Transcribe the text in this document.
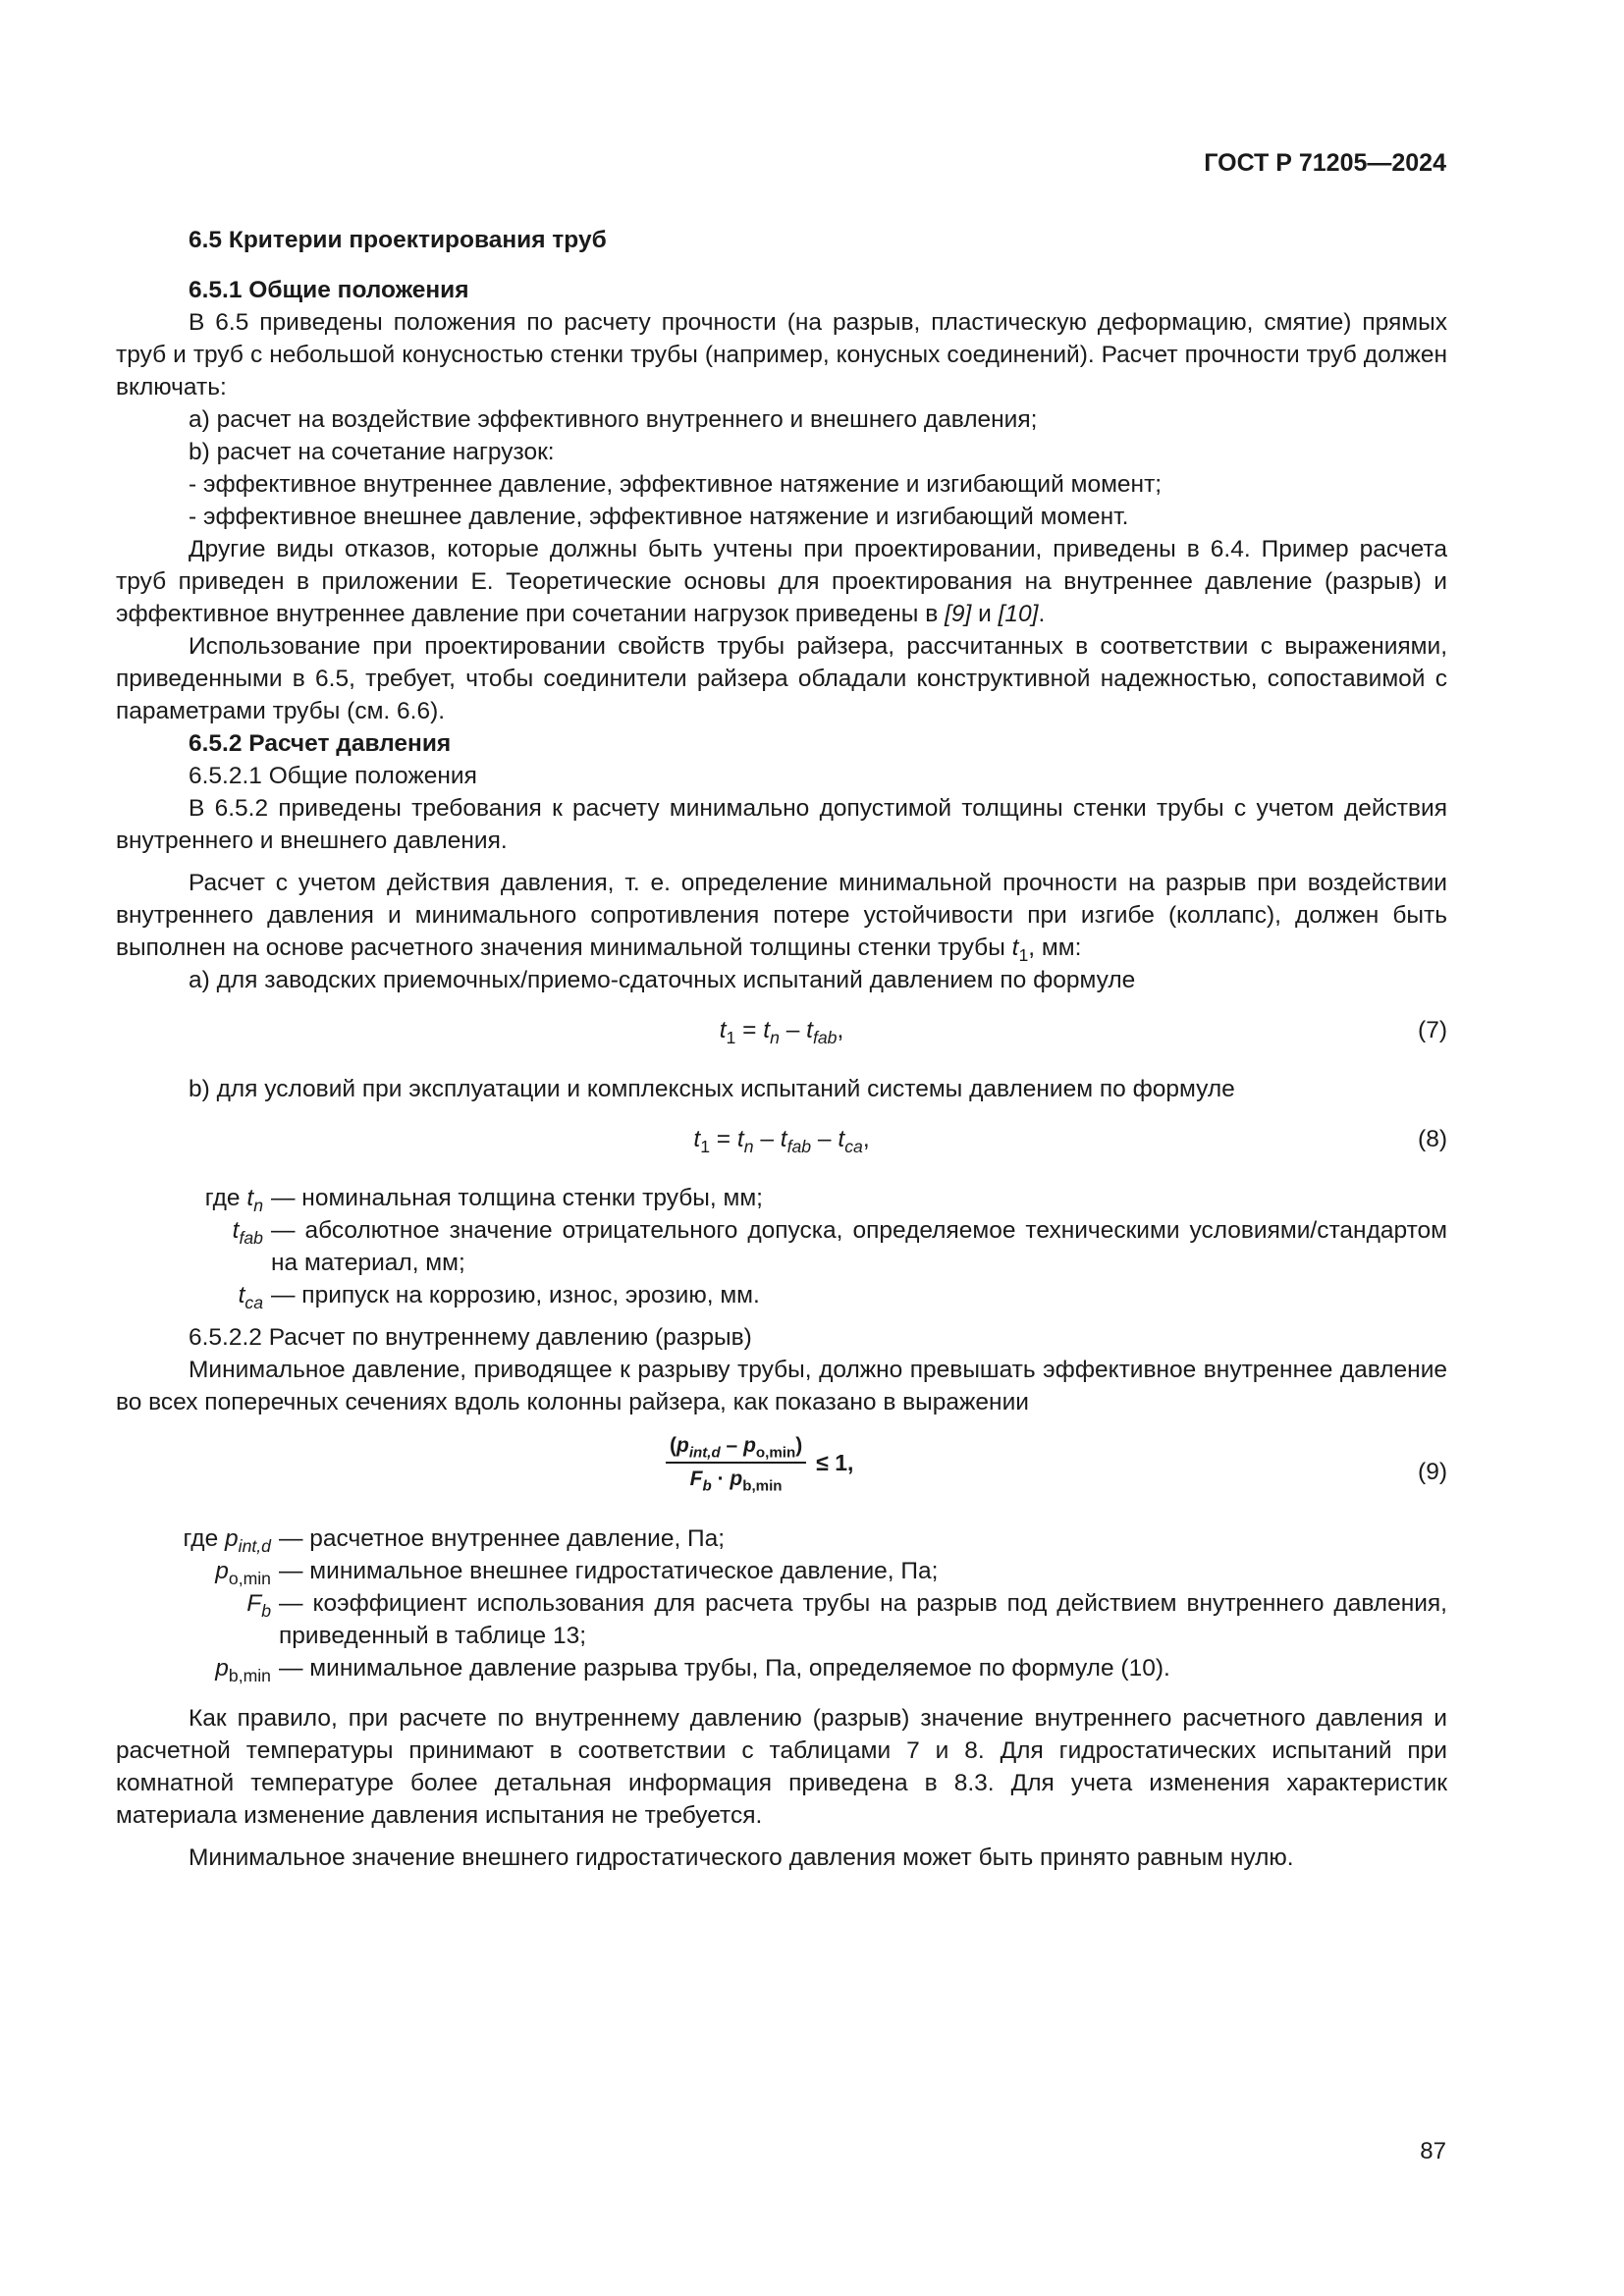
ГОСТ Р 71205—2024

6.5 Критерии проектирования труб

6.5.1 Общие положения

В 6.5 приведены положения по расчету прочности (на разрыв, пластическую деформацию, смятие) прямых труб и труб с небольшой конусностью стенки трубы (например, конусных соединений). Расчет прочности труб должен включать:

a) расчет на воздействие эффективного внутреннего и внешнего давления;

b) расчет на сочетание нагрузок:

- эффективное внутреннее давление, эффективное натяжение и изгибающий момент;

- эффективное внешнее давление, эффективное натяжение и изгибающий момент.

Другие виды отказов, которые должны быть учтены при проектировании, приведены в 6.4. Пример расчета труб приведен в приложении Е. Теоретические основы для проектирования на внутреннее давление (разрыв) и эффективное внутреннее давление при сочетании нагрузок приведены в [9] и [10].

Использование при проектировании свойств трубы райзера, рассчитанных в соответствии с выражениями, приведенными в 6.5, требует, чтобы соединители райзера обладали конструктивной надежностью, сопоставимой с параметрами трубы (см. 6.6).

6.5.2 Расчет давления

6.5.2.1 Общие положения

В 6.5.2 приведены требования к расчету минимально допустимой толщины стенки трубы с учетом действия внутреннего и внешнего давления.

Расчет с учетом действия давления, т. е. определение минимальной прочности на разрыв при воздействии внутреннего давления и минимального сопротивления потере устойчивости при изгибе (коллапс), должен быть выполнен на основе расчетного значения минимальной толщины стенки трубы $t_1$, мм:

a) для заводских приемочных/приемо-сдаточных испытаний давлением по формуле

$t_1 = t_n - t_{fab}$,	(7)

b) для условий при эксплуатации и комплексных испытаний системы давлением по формуле

$t_1 = t_n - t_{fab} - t_{ca}$,	(8)
где $t_n$ — номинальная толщина стенки трубы, мм;
$t_{fab}$ — абсолютное значение отрицательного допуска, определяемое техническими условиями/стандартом на материал, мм;
$t_{ca}$ — припуск на коррозию, износ, эрозию, мм.

6.5.2.2 Расчет по внутреннему давлению (разрыв)

Минимальное давление, приводящее к разрыву трубы, должно превышать эффективное внутреннее давление во всех поперечных сечениях вдоль колонны райзера, как показано в выражении

$(p_{int,d} - p_{o,min})$
$F_b \cdot p_{b,min}$
≤ 1,	(9)
где $p_{int,d}$ — расчетное внутреннее давление, Па;
$p_{o,min}$ — минимальное внешнее гидростатическое давление, Па;
$F_b$ — коэффициент использования для расчета трубы на разрыв под действием внутреннего давления, приведенный в таблице 13;
$p_{b,min}$ — минимальное давление разрыва трубы, Па, определяемое по формуле (10).

Как правило, при расчете по внутреннему давлению (разрыв) значение внутреннего расчетного давления и расчетной температуры принимают в соответствии с таблицами 7 и 8. Для гидростатических испытаний при комнатной температуре более детальная информация приведена в 8.3. Для учета изменения характеристик материала изменение давления испытания не требуется.

Минимальное значение внешнего гидростатического давления может быть принято равным нулю.

87
